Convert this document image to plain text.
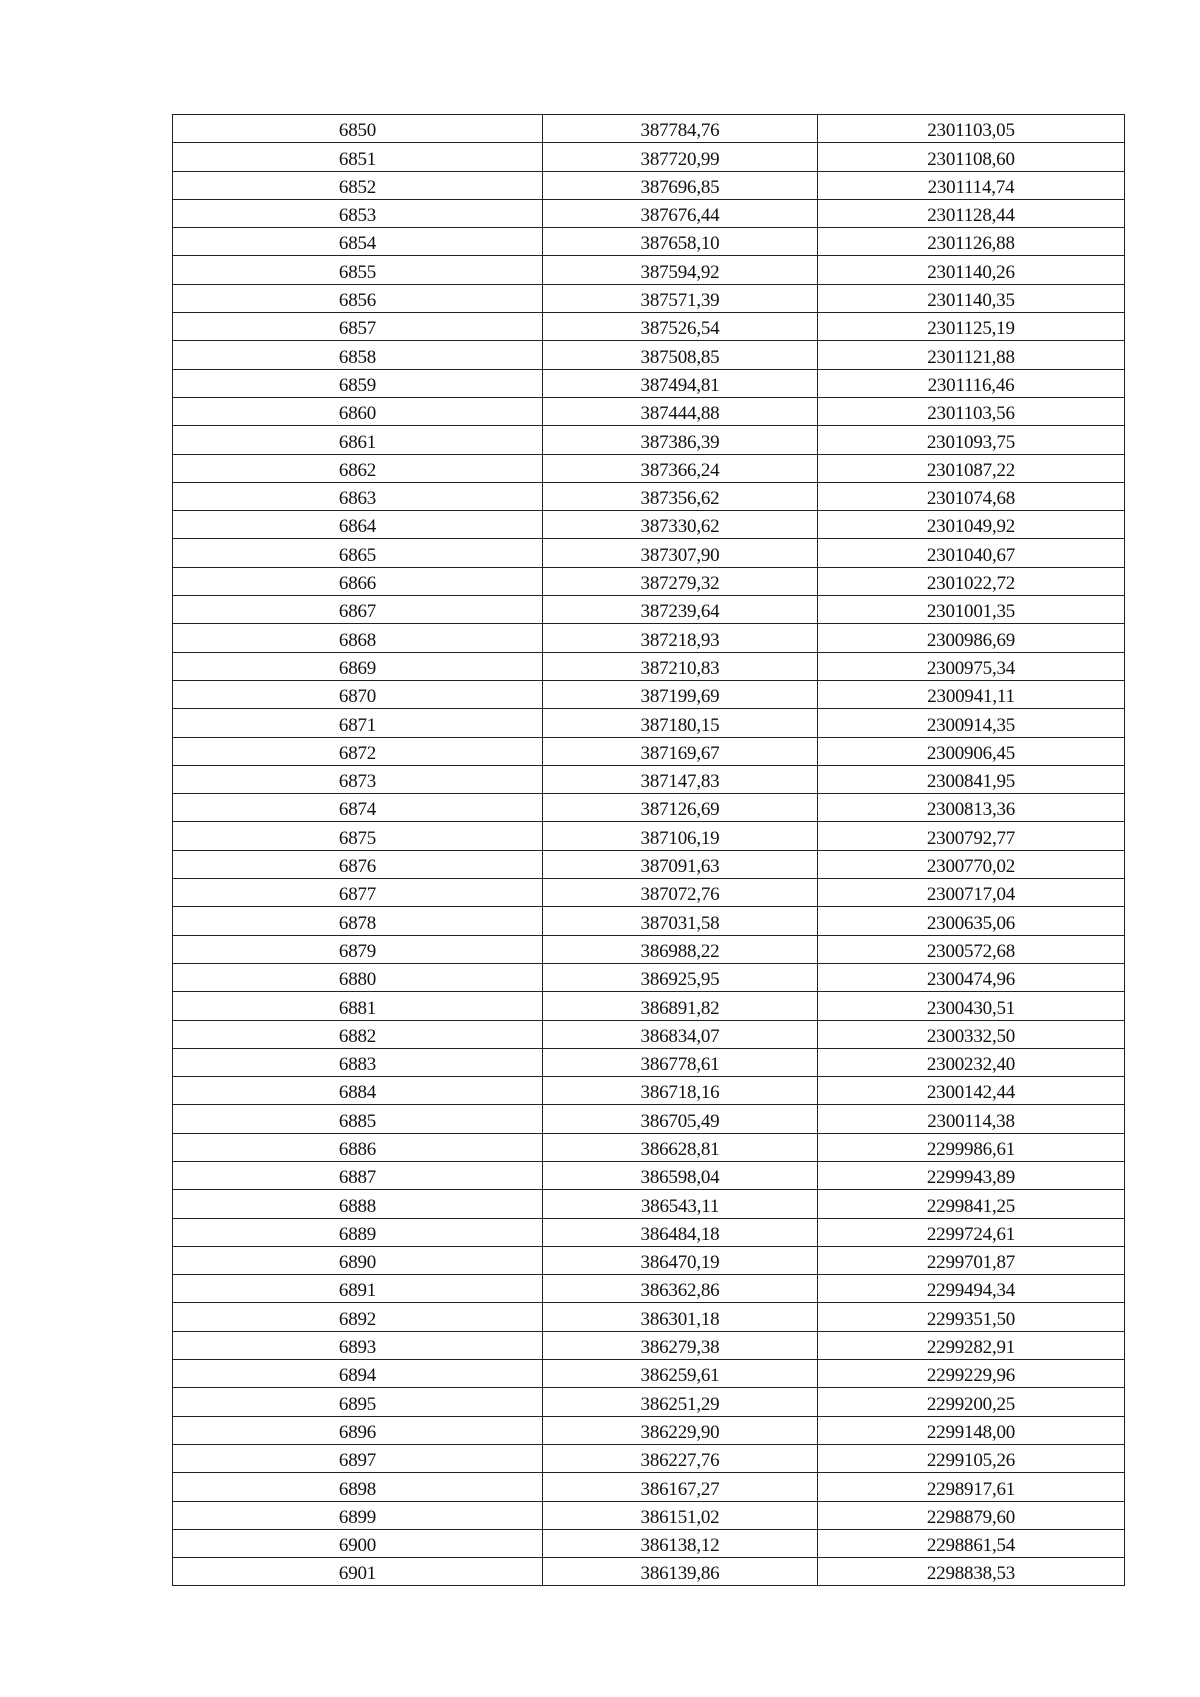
6850	387784,76	2301103,05
6851	387720,99	2301108,60
6852	387696,85	2301114,74
6853	387676,44	2301128,44
6854	387658,10	2301126,88
6855	387594,92	2301140,26
6856	387571,39	2301140,35
6857	387526,54	2301125,19
6858	387508,85	2301121,88
6859	387494,81	2301116,46
6860	387444,88	2301103,56
6861	387386,39	2301093,75
6862	387366,24	2301087,22
6863	387356,62	2301074,68
6864	387330,62	2301049,92
6865	387307,90	2301040,67
6866	387279,32	2301022,72
6867	387239,64	2301001,35
6868	387218,93	2300986,69
6869	387210,83	2300975,34
6870	387199,69	2300941,11
6871	387180,15	2300914,35
6872	387169,67	2300906,45
6873	387147,83	2300841,95
6874	387126,69	2300813,36
6875	387106,19	2300792,77
6876	387091,63	2300770,02
6877	387072,76	2300717,04
6878	387031,58	2300635,06
6879	386988,22	2300572,68
6880	386925,95	2300474,96
6881	386891,82	2300430,51
6882	386834,07	2300332,50
6883	386778,61	2300232,40
6884	386718,16	2300142,44
6885	386705,49	2300114,38
6886	386628,81	2299986,61
6887	386598,04	2299943,89
6888	386543,11	2299841,25
6889	386484,18	2299724,61
6890	386470,19	2299701,87
6891	386362,86	2299494,34
6892	386301,18	2299351,50
6893	386279,38	2299282,91
6894	386259,61	2299229,96
6895	386251,29	2299200,25
6896	386229,90	2299148,00
6897	386227,76	2299105,26
6898	386167,27	2298917,61
6899	386151,02	2298879,60
6900	386138,12	2298861,54
6901	386139,86	2298838,53
